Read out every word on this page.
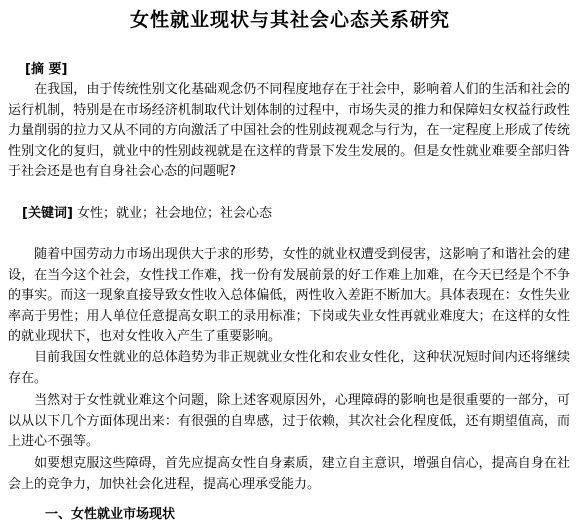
女性就业现状与其社会心态关系研究
[摘 要]
在我国，由于传统性别文化基础观念仍不同程度地存在于社会中，影响着人们的生活和社会的运行机制，特别是在市场经济机制取代计划体制的过程中，市场失灵的推力和保障妇女权益行政性力量削弱的拉力又从不同的方向激活了中国社会的性别歧视观念与行为，在一定程度上形成了传统性别文化的复归，就业中的性别歧视就是在这样的背景下发生发展的。但是女性就业难要全部归咎于社会还是也有自身社会心态的问题呢?
[关键词] 女性；就业；社会地位；社会心态
随着中国劳动力市场出现供大于求的形势，女性的就业权遭受到侵害，这影响了和谐社会的建设，在当今这个社会，女性找工作难，找一份有发展前景的好工作难上加难，在今天已经是个不争的事实。而这一现象直接导致女性收入总体偏低，两性收入差距不断加大。具体表现在：女性失业率高于男性；用人单位任意提高女职工的录用标准；下岗或失业女性再就业难度大；在这样的女性的就业现状下，也对女性收入产生了重要影响。
目前我国女性就业的总体趋势为非正规就业女性化和农业女性化，这种状况短时间内还将继续存在。
当然对于女性就业难这个问题，除上述客观原因外，心理障碍的影响也是很重要的一部分，可以从以下几个方面体现出来：有很强的自卑感，过于依赖，其次社会化程度低，还有期望值高，而上进心不强等。
如要想克服这些障碍，首先应提高女性自身素质，建立自主意识，增强自信心，提高自身在社会上的竞争力，加快社会化进程，提高心理承受能力。
一、女性就业市场现状
